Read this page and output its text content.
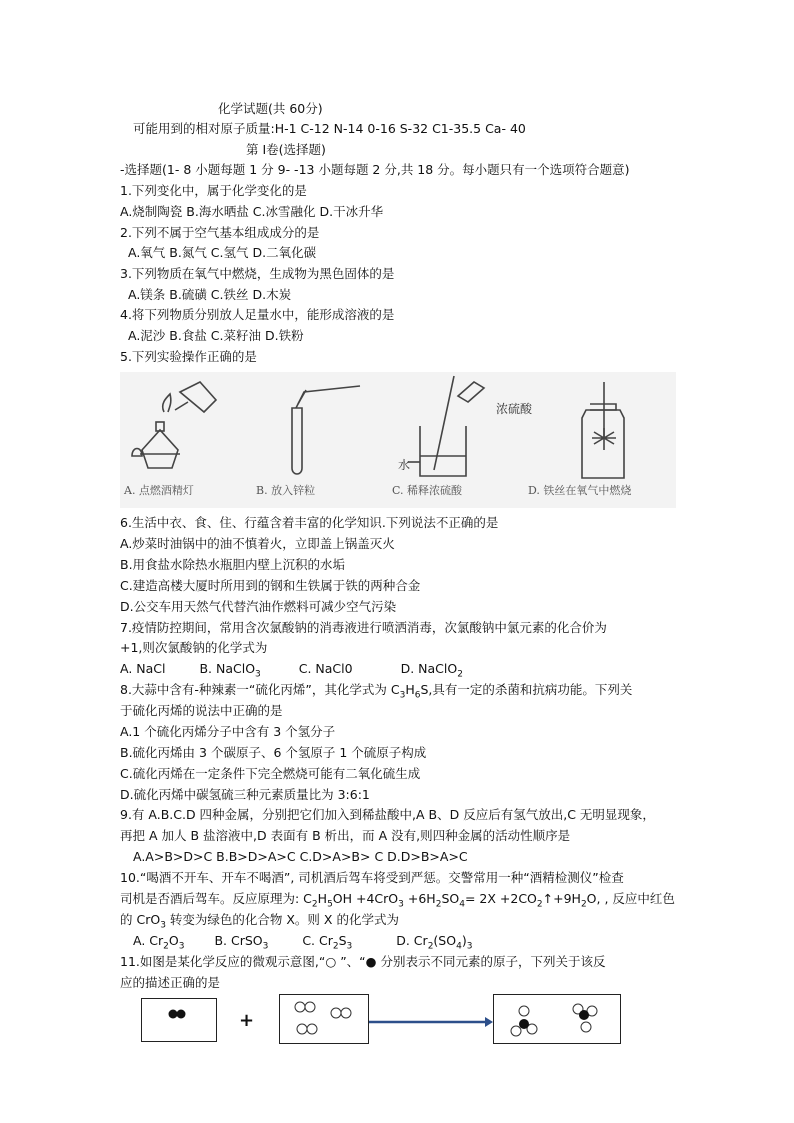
化学试题(共 60分)
可能用到的相对原子质量:H-1 C-12 N-14 0-16 S-32 C1-35.5 Ca- 40
第 I卷(选择题)
-选择题(1- 8 小题每题 1 分 9- -13 小题每题 2 分,共 18 分。每小题只有一个选项符合题意)
1.下列变化中，属于化学变化的是
A.烧制陶瓷 B.海水晒盐 C.冰雪融化 D.干冰升华
2.下列不属于空气基本组成成分的是
A.氧气 B.氮气 C.氢气 D.二氧化碳
3.下列物质在氧气中燃烧，生成物为黑色固体的是
A.镁条 B.硫磺 C.铁丝 D.木炭
4.将下列物质分别放人足量水中，能形成溶液的是
A.泥沙 B.食盐 C.菜籽油 D.铁粉
5.下列实验操作正确的是
浓硫酸
水
A. 点燃酒精灯	B. 放入锌粒	C. 稀释浓硫酸	D. 铁丝在氧气中燃烧
6.生活中衣、食、住、行蕴含着丰富的化学知识.下列说法不正确的是
A.炒菜时油锅中的油不慎着火，立即盖上锅盖灭火
B.用食盐水除热水瓶胆内壁上沉积的水垢
C.建造高楼大厦时所用到的钢和生铁属于铁的两种合金
D.公交车用天然气代替汽油作燃料可减少空气污染
7.疫情防控期间，常用含次氯酸钠的消毒液进行喷洒消毒，次氯酸钠中氯元素的化合价为
+1,则次氯酸钠的化学式为
A. NaCl	B. NaClO$_3$	C. NaCl0	D. NaClO$_2$
8.大蒜中含有-种辣素一“硫化丙烯”，其化学式为 $C_3H_6S$,具有一定的杀菌和抗病功能。下列关
于硫化丙烯的说法中正确的是
A.1 个硫化丙烯分子中含有 3 个氢分子
B.硫化丙烯由 3 个碳原子、6 个氢原子 1 个硫原子构成
C.硫化丙烯在一定条件下完全燃烧可能有二氧化硫生成
D.硫化丙烯中碳氢硫三种元素质量比为 3:6:1
9.有 A.B.C.D 四种金属，分别把它们加入到稀盐酸中,A B、D 反应后有氢气放出,C 无明显现象，
再把 A 加人 B 盐溶液中,D 表面有 B 析出，而 A 没有,则四种金属的活动性顺序是
A.A>B>D>C B.B>D>A>C C.D>A>B> C D.D>B>A>C
10.“喝酒不开车、开车不喝酒”, 司机酒后驾车将受到严惩。交警常用一种“酒精检测仪”检查
司机是否酒后驾车。反应原理为: $C_2H_5OH +4CrO_3 +6H_2SO_4= 2X$ $+2CO_2↑+9H_2O$, , 反应中红色
的 CrO$_3$ 转变为绿色的化合物 X。则 X 的化学式为
A. $Cr_2O_3$ B. CrSO$_3$	C. $Cr_2S_3$	D. $Cr_2(SO_4)_3$
11.如图是某化学反应的微观示意图,“○ ”、“● 分别表示不同元素的原子，下列关于该反
应的描述正确的是
+
